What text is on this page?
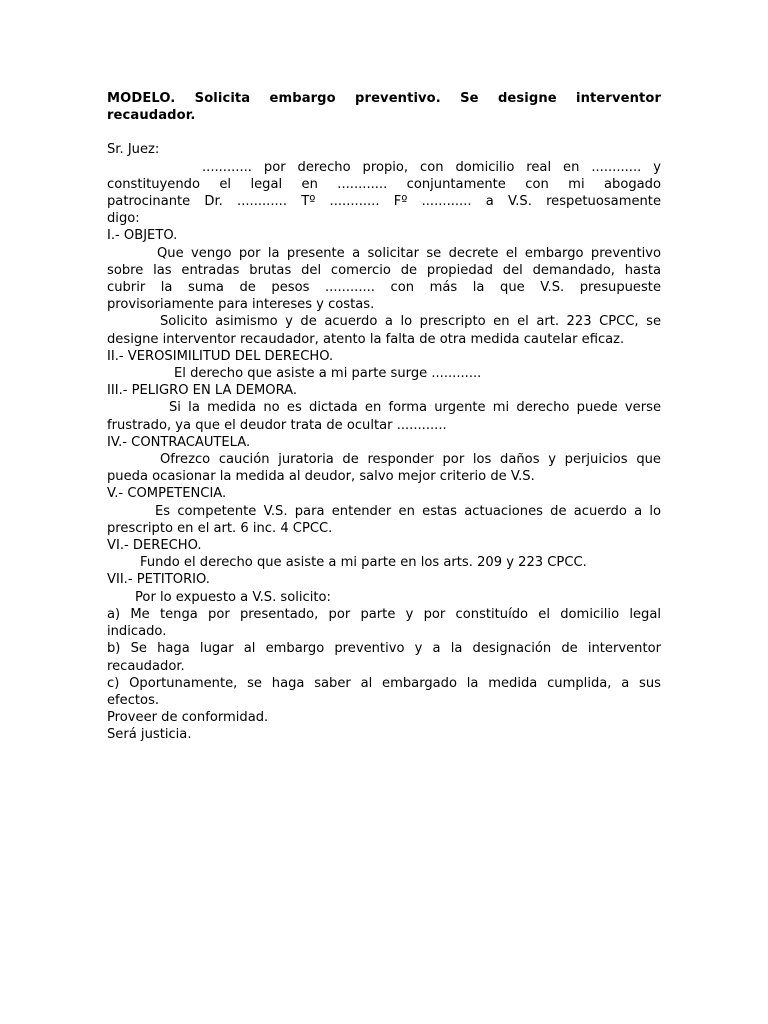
MODELO. Solicita embargo preventivo. Se designe interventor recaudador.
Sr. Juez:
............ por derecho propio, con domicilio real en ............ y
constituyendo el legal en ............ conjuntamente con mi abogado
patrocinante Dr. ............ Tº ............ Fº ............ a V.S. respetuosamente
digo:
I.- OBJETO.
Que vengo por la presente a solicitar se decrete el embargo preventivo
sobre las entradas brutas del comercio de propiedad del demandado, hasta
cubrir la suma de pesos ............ con más la que V.S. presupueste
provisoriamente para intereses y costas.
Solicito asimismo y de acuerdo a lo prescripto en el art. 223 CPCC, se
designe interventor recaudador, atento la falta de otra medida cautelar eficaz.
II.- VEROSIMILITUD DEL DERECHO.
El derecho que asiste a mi parte surge ............
III.- PELIGRO EN LA DEMORA.
Si la medida no es dictada en forma urgente mi derecho puede verse
frustrado, ya que el deudor trata de ocultar ............
IV.- CONTRACAUTELA.
Ofrezco caución juratoria de responder por los daños y perjuicios que
pueda ocasionar la medida al deudor, salvo mejor criterio de V.S.
V.- COMPETENCIA.
Es competente V.S. para entender en estas actuaciones de acuerdo a lo
prescripto en el art. 6 inc. 4 CPCC.
VI.- DERECHO.
Fundo el derecho que asiste a mi parte en los arts. 209 y 223 CPCC.
VII.- PETITORIO.
Por lo expuesto a V.S. solicito:
a) Me tenga por presentado, por parte y por constituído el domicilio legal
indicado.
b) Se haga lugar al embargo preventivo y a la designación de interventor
recaudador.
c) Oportunamente, se haga saber al embargado la medida cumplida, a sus
efectos.
Proveer de conformidad.
Será justicia.
